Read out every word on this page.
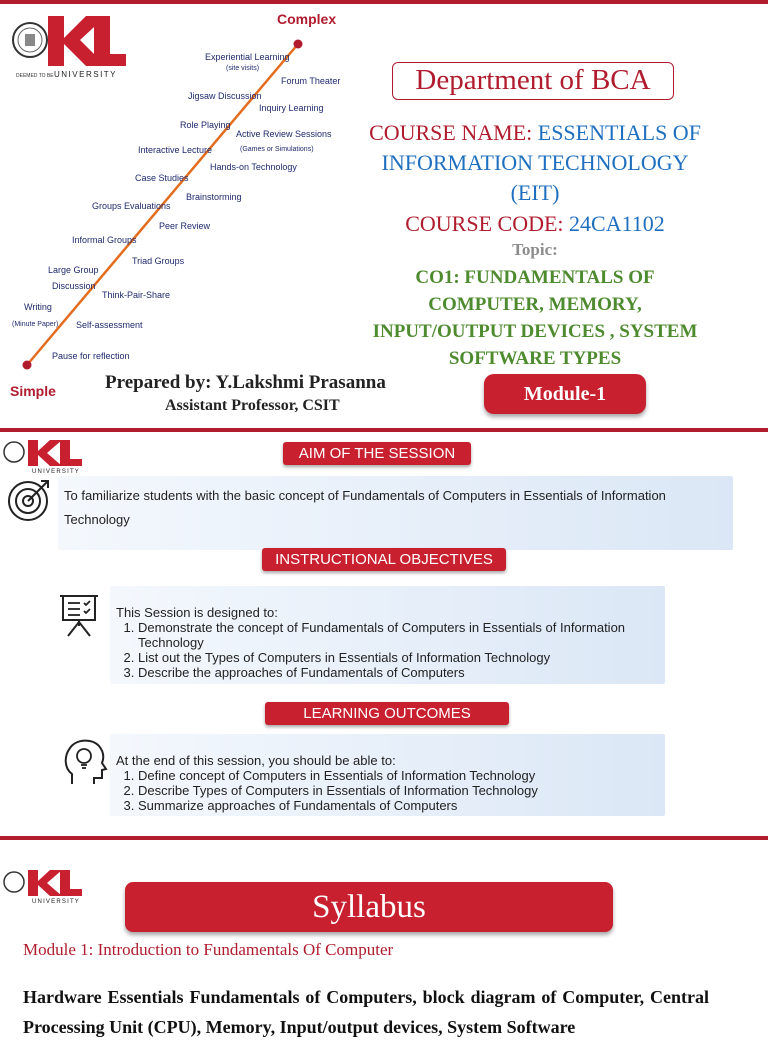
DEEMED TO BE UNIVERSITY
Complex
Simple
Experiential Learning
(site visits)
Jigsaw Discussion
Role Playing
Interactive Lecture
Case Studies
Groups Evaluations
Informal Groups
Large Group
Discussion
Writing
(Minute Paper)
Forum Theater
Inquiry Learning
Active Review Sessions
(Games or Simulations)
Hands-on Technology
Brainstorming
Peer Review
Triad Groups
Think-Pair-Share
Self-assessment
Pause for reflection
Department of BCA
COURSE NAME: ESSENTIALS OF
INFORMATION TECHNOLOGY
(EIT)
COURSE CODE: 24CA1102
Topic:
CO1: FUNDAMENTALS OF
COMPUTER, MEMORY,
INPUT/OUTPUT DEVICES , SYSTEM
SOFTWARE TYPES
Prepared by: Y.Lakshmi Prasanna
Assistant Professor, CSIT
Module-1
UNIVERSITY
AIM OF THE SESSION
To familiarize students with the basic concept of Fundamentals of Computers in Essentials of Information Technology
INSTRUCTIONAL OBJECTIVES
This Session is designed to:
1. Demonstrate the concept of Fundamentals of Computers in Essentials of Information Technology
2. List out the Types of Computers in Essentials of Information Technology
3. Describe the approaches of Fundamentals of Computers
LEARNING OUTCOMES
At the end of this session, you should be able to:
1. Define concept of Computers in Essentials of Information Technology
2. Describe Types of Computers in Essentials of Information Technology
3. Summarize approaches of Fundamentals of Computers
UNIVERSITY	Syllabus
Module 1: Introduction to Fundamentals Of Computer
Hardware Essentials Fundamentals of Computers, block diagram of Computer, Central Processing Unit (CPU), Memory, Input/output devices, System Software
